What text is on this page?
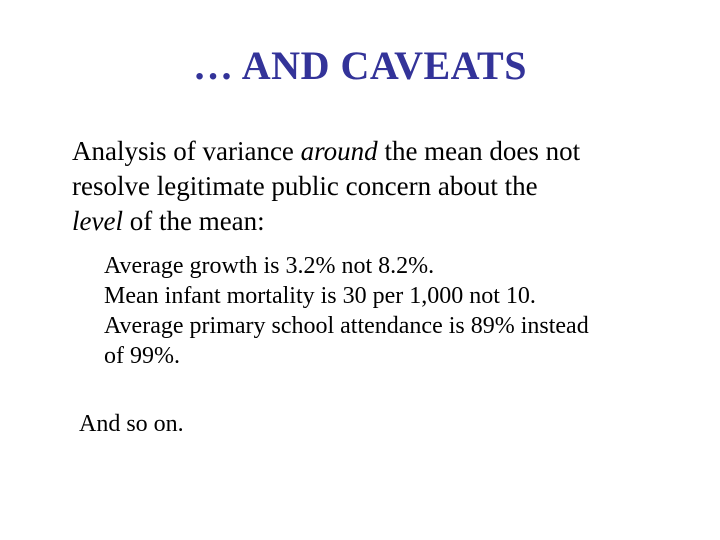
… AND CAVEATS

Analysis of variance around the mean does not

resolve legitimate public concern about the

level of the mean:

Average growth is 3.2% not 8.2%.

Mean infant mortality is 30 per 1,000 not 10.

Average primary school attendance is 89% instead

of 99%.

And so on.
